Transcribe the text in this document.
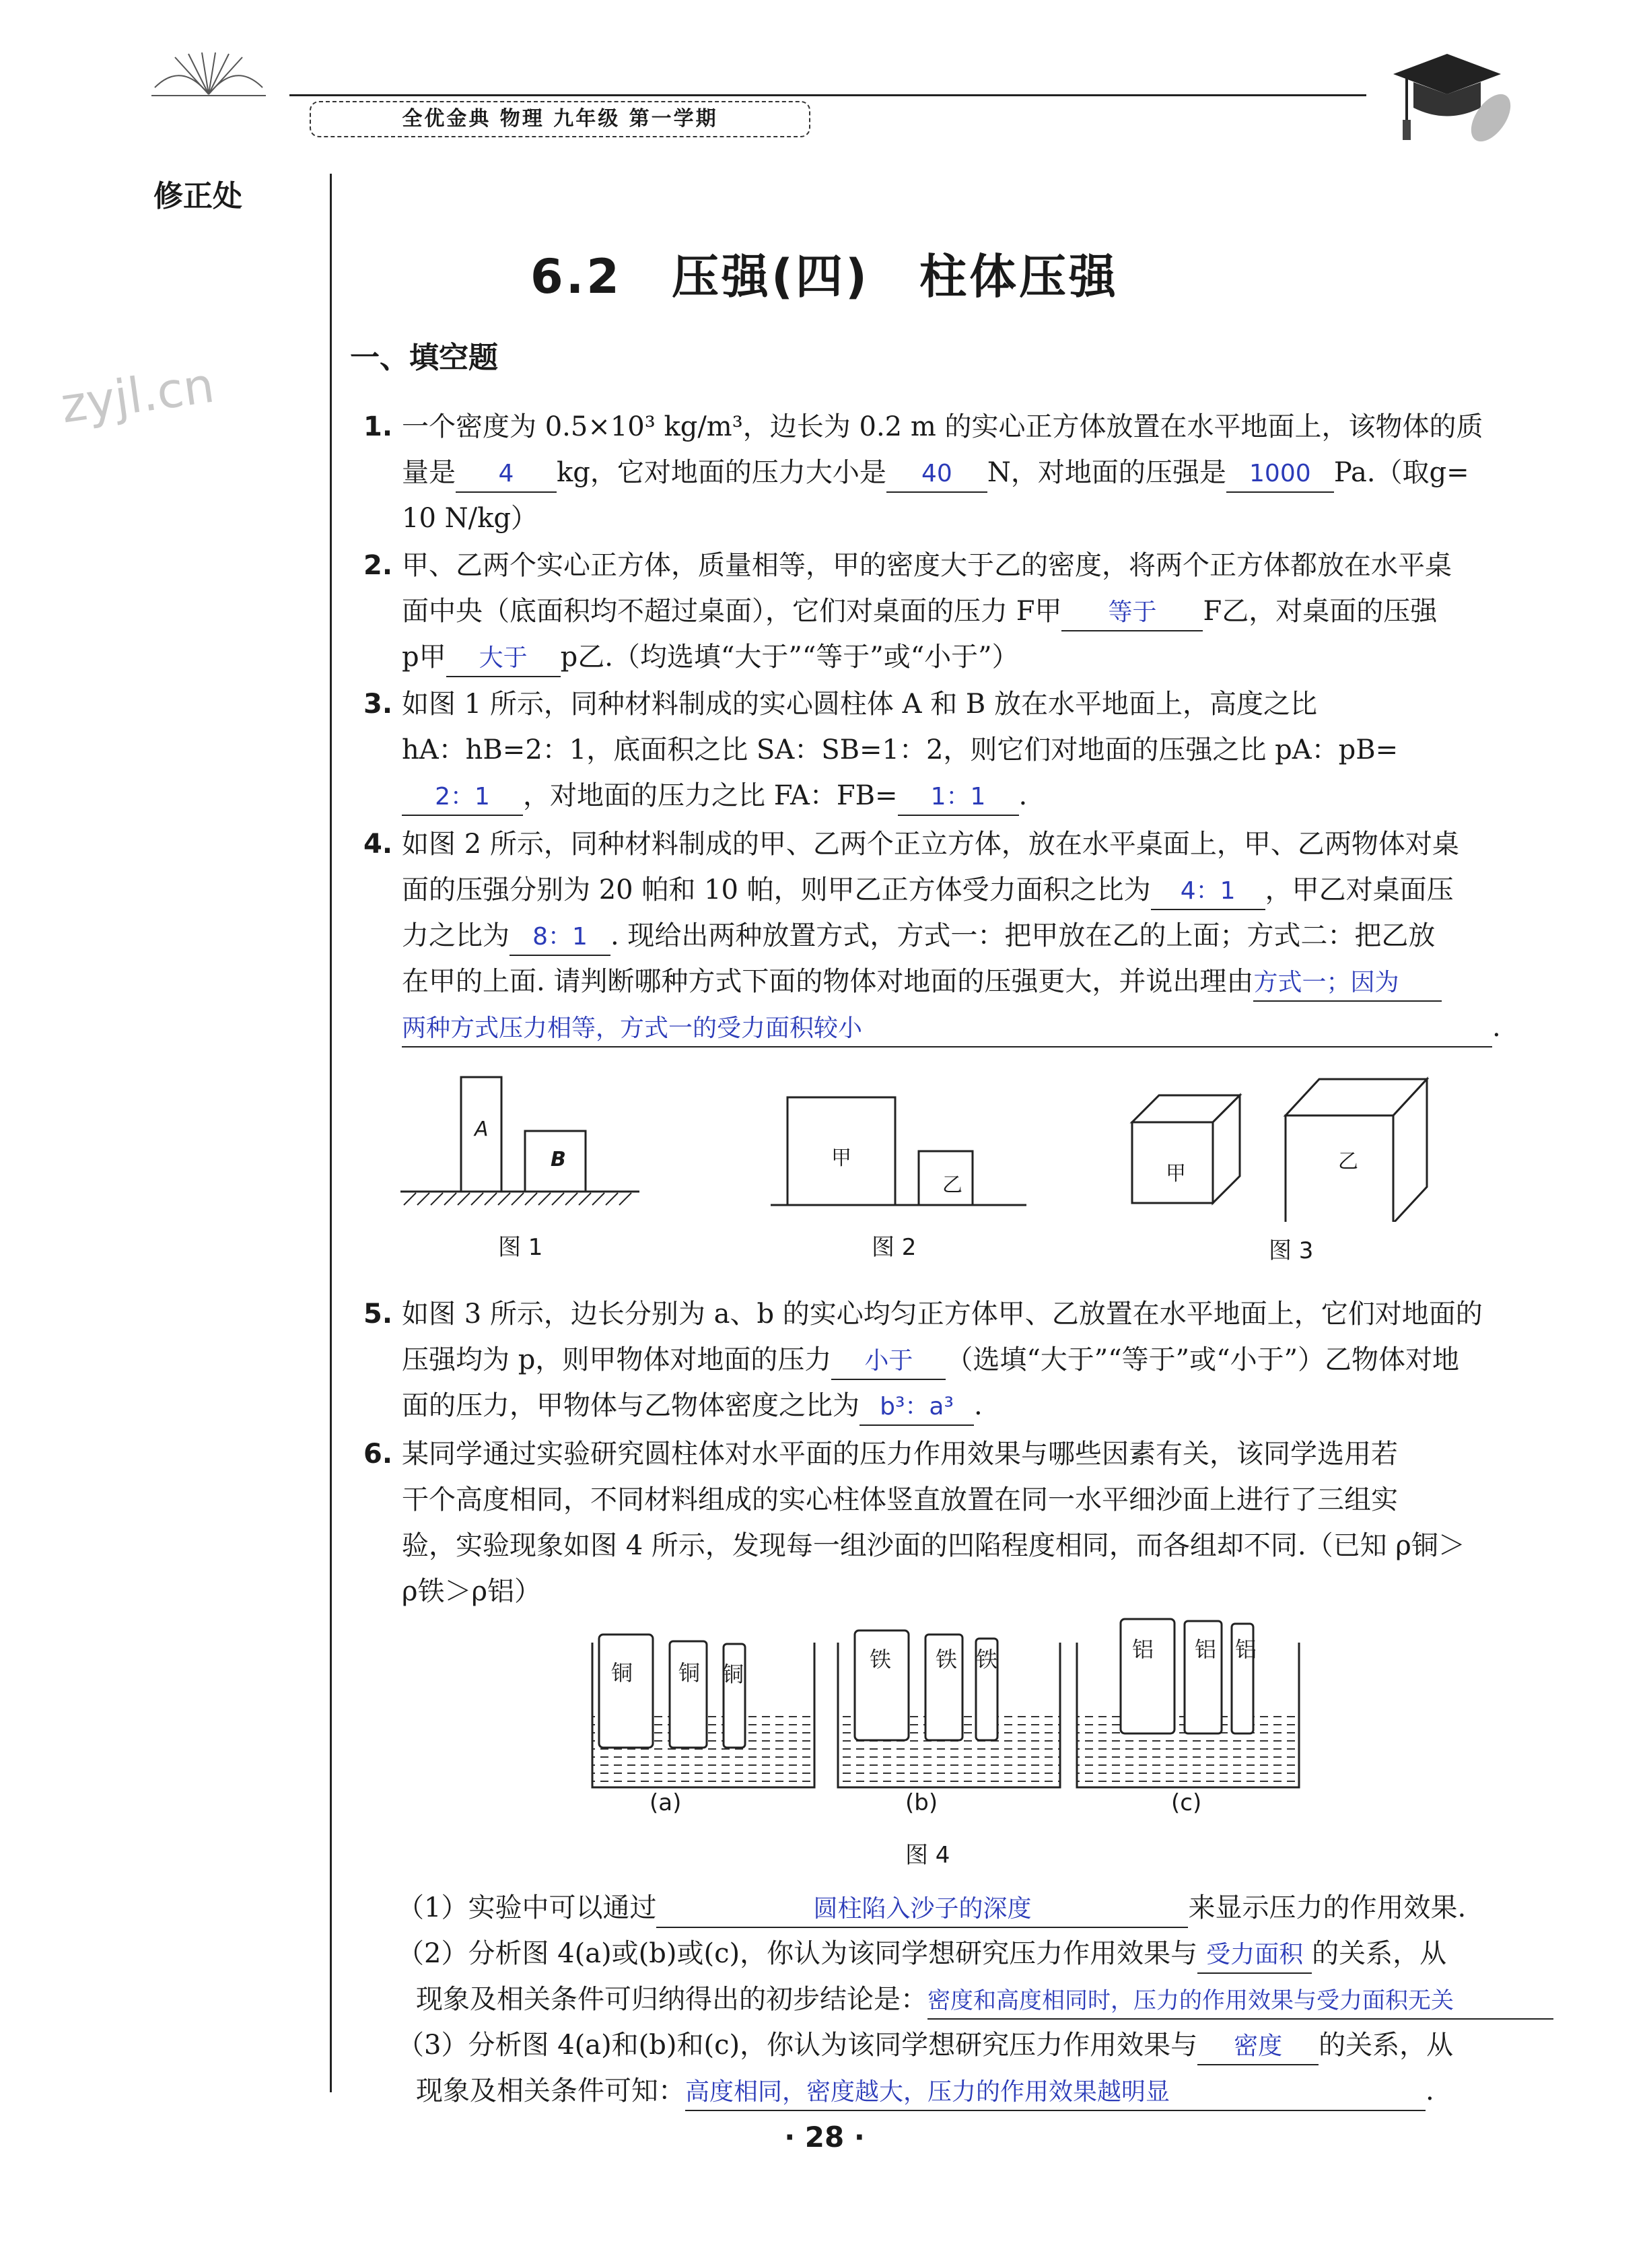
全优金典 物理 九年级 第一学期
修正处
zyjl.cn
6.2　压强(四)　柱体压强
一、填空题
1. 一个密度为 0.5×10³ kg/m³，边长为 0.2 m 的实心正方体放置在水平地面上，该物体的质
量是 4 kg，它对地面的压力大小是 40 N，对地面的压强是 1000 Pa.（取g=
10 N/kg）
2. 甲、乙两个实心正方体，质量相等，甲的密度大于乙的密度，将两个正方体都放在水平桌
面中央（底面积均不超过桌面），它们对桌面的压力 F甲 等于 F乙，对桌面的压强
p甲 大于 p乙.（均选填“大于”“等于”或“小于”）
3. 如图 1 所示，同种材料制成的实心圆柱体 A 和 B 放在水平地面上，高度之比
hA：hB=2：1，底面积之比 SA：SB=1：2，则它们对地面的压强之比 pA：pB=
2：1 ，对地面的压力之比 FA：FB= 1：1 .
4. 如图 2 所示，同种材料制成的甲、乙两个正立方体，放在水平桌面上，甲、乙两物体对桌
面的压强分别为 20 帕和 10 帕，则甲乙正方体受力面积之比为 4：1 ，甲乙对桌面压
力之比为 8：1 . 现给出两种放置方式，方式一：把甲放在乙的上面；方式二：把乙放
在甲的上面. 请判断哪种方式下面的物体对地面的压强更大，并说出理由方式一；因为
两种方式压力相等，方式一的受力面积较小	.
A
B
图 1
甲
乙
图 2
甲
乙
图 3
5. 如图 3 所示，边长分别为 a、b 的实心均匀正方体甲、乙放置在水平地面上，它们对地面的
压强均为 p，则甲物体对地面的压力 小于 （选填“大于”“等于”或“小于”）乙物体对地
面的压力，甲物体与乙物体密度之比为 b³：a³ .
6. 某同学通过实验研究圆柱体对水平面的压力作用效果与哪些因素有关，该同学选用若
干个高度相同，不同材料组成的实心柱体竖直放置在同一水平细沙面上进行了三组实
验，实验现象如图 4 所示，发现每一组沙面的凹陷程度相同，而各组却不同.（已知 ρ铜＞
ρ铁＞ρ铝）
铜 铜 铜
铁 铁 铁	铝 铝 铝
(a)	(b)	(c)
图 4
（1）实验中可以通过	圆柱陷入沙子的深度	来显示压力的作用效果.
（2）分析图 4(a)或(b)或(c)，你认为该同学想研究压力作用效果与 受力面积 的关系，从
现象及相关条件可归纳得出的初步结论是：密度和高度相同时，压力的作用效果与受力面积无关
（3）分析图 4(a)和(b)和(c)，你认为该同学想研究压力作用效果与 密度 的关系，从
现象及相关条件可知：高度相同，密度越大，压力的作用效果越明显	.
· 28 ·
